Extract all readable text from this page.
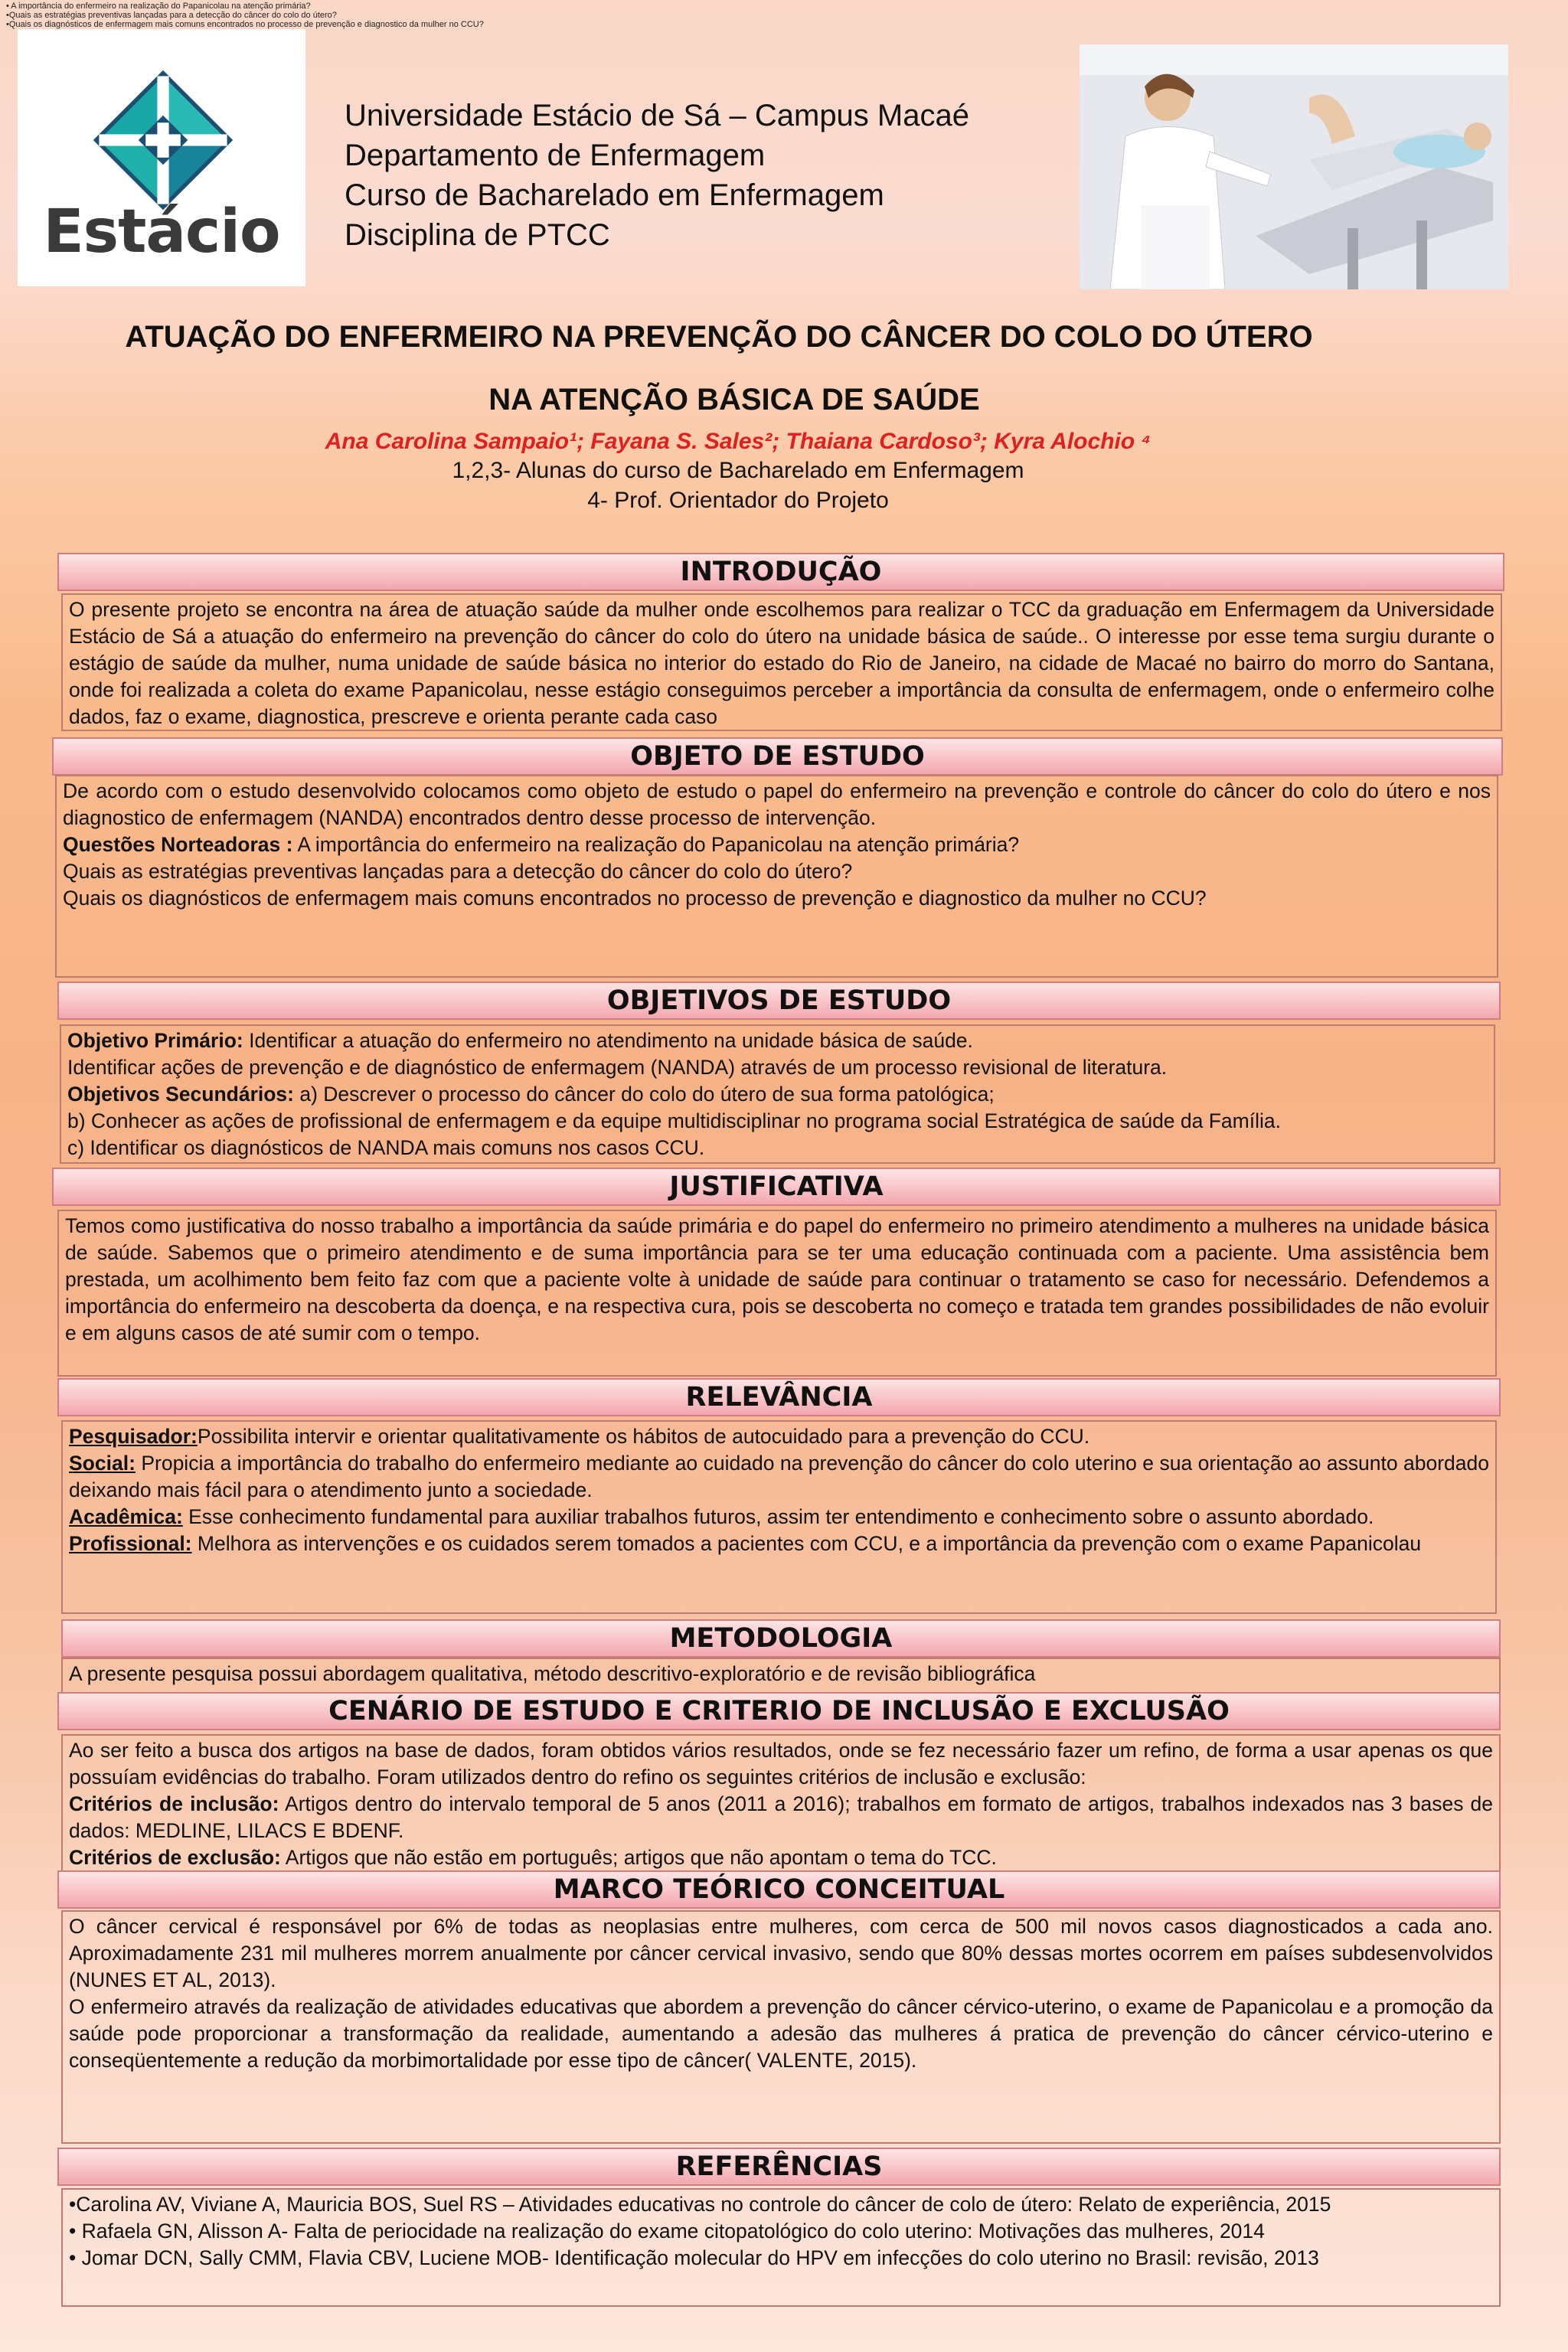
• A importância do enfermeiro na realização do Papanicolau na atenção primária?
•Quais as estratégias preventivas lançadas para a detecção do câncer do colo do útero?
•Quais os diagnósticos de enfermagem mais comuns encontrados no processo de prevenção e diagnostico da mulher no CCU?
Estácio
Universidade Estácio de Sá – Campus Macaé
Departamento de Enfermagem
Curso de Bacharelado em Enfermagem
Disciplina de PTCC
ATUAÇÃO DO ENFERMEIRO NA PREVENÇÃO DO CÂNCER DO COLO DO ÚTERO
NA ATENÇÃO BÁSICA DE SAÚDE
Ana Carolina Sampaio¹; Fayana S. Sales²; Thaiana Cardoso³; Kyra Alochio ⁴
1,2,3- Alunas do curso de Bacharelado em Enfermagem
4- Prof. Orientador do Projeto
INTRODUÇÃO
O presente projeto se encontra na área de atuação saúde da mulher onde escolhemos para realizar o TCC da graduação em Enfermagem da Universidade Estácio de Sá a atuação do enfermeiro na prevenção do câncer do colo do útero na unidade básica de saúde.. O interesse por esse tema surgiu durante o estágio de saúde da mulher, numa unidade de saúde básica no interior do estado do Rio de Janeiro, na cidade de Macaé no bairro do morro do Santana, onde foi realizada a coleta do exame Papanicolau, nesse estágio conseguimos perceber a importância da consulta de enfermagem, onde o enfermeiro colhe dados, faz o exame, diagnostica, prescreve e orienta perante cada caso
OBJETO DE ESTUDO
De acordo com o estudo desenvolvido colocamos como objeto de estudo o papel do enfermeiro na prevenção e controle do câncer do colo do útero e nos diagnostico de enfermagem (NANDA) encontrados dentro desse processo de intervenção.
Questões Norteadoras : A importância do enfermeiro na realização do Papanicolau na atenção primária?
Quais as estratégias preventivas lançadas para a detecção do câncer do colo do útero?
Quais os diagnósticos de enfermagem mais comuns encontrados no processo de prevenção e diagnostico da mulher no CCU?
OBJETIVOS DE ESTUDO
Objetivo Primário: Identificar a atuação do enfermeiro no atendimento na unidade básica de saúde.
Identificar ações de prevenção e de diagnóstico de enfermagem (NANDA) através de um processo revisional de literatura.
Objetivos Secundários: a) Descrever o processo do câncer do colo do útero de sua forma patológica;
b) Conhecer as ações de profissional de enfermagem e da equipe multidisciplinar no programa social Estratégica de saúde da Família.
c) Identificar os diagnósticos de NANDA mais comuns nos casos CCU.
JUSTIFICATIVA
Temos como justificativa do nosso trabalho a importância da saúde primária e do papel do enfermeiro no primeiro atendimento a mulheres na unidade básica de saúde. Sabemos que o primeiro atendimento e de suma importância para se ter uma educação continuada com a paciente. Uma assistência bem prestada, um acolhimento bem feito faz com que a paciente volte à unidade de saúde para continuar o tratamento se caso for necessário. Defendemos a importância do enfermeiro na descoberta da doença, e na respectiva cura, pois se descoberta no começo e tratada tem grandes possibilidades de não evoluir e em alguns casos de até sumir com o tempo.
RELEVÂNCIA
Pesquisador:Possibilita intervir e orientar qualitativamente os hábitos de autocuidado para a prevenção do CCU.
Social: Propicia a importância do trabalho do enfermeiro mediante ao cuidado na prevenção do câncer do colo uterino e sua orientação ao assunto abordado deixando mais fácil para o atendimento junto a sociedade.
Acadêmica: Esse conhecimento fundamental para auxiliar trabalhos futuros, assim ter entendimento e conhecimento sobre o assunto abordado.
Profissional: Melhora as intervenções e os cuidados serem tomados a pacientes com CCU, e a importância da prevenção com o exame Papanicolau
METODOLOGIA
A presente pesquisa possui abordagem qualitativa, método descritivo-exploratório e de revisão bibliográfica
CENÁRIO DE ESTUDO E CRITERIO DE INCLUSÃO E EXCLUSÃO
Ao ser feito a busca dos artigos na base de dados, foram obtidos vários resultados, onde se fez necessário fazer um refino, de forma a usar apenas os que possuíam evidências do trabalho. Foram utilizados dentro do refino os seguintes critérios de inclusão e exclusão:
Critérios de inclusão: Artigos dentro do intervalo temporal de 5 anos (2011 a 2016); trabalhos em formato de artigos, trabalhos indexados nas 3 bases de dados: MEDLINE, LILACS E BDENF.
Critérios de exclusão: Artigos que não estão em português; artigos que não apontam o tema do TCC.
MARCO TEÓRICO CONCEITUAL
O câncer cervical é responsável por 6% de todas as neoplasias entre mulheres, com cerca de 500 mil novos casos diagnosticados a cada ano. Aproximadamente 231 mil mulheres morrem anualmente por câncer cervical invasivo, sendo que 80% dessas mortes ocorrem em países subdesenvolvidos (NUNES ET AL, 2013).
O enfermeiro através da realização de atividades educativas que abordem a prevenção do câncer cérvico-uterino, o exame de Papanicolau e a promoção da saúde pode proporcionar a transformação da realidade, aumentando a adesão das mulheres á pratica de prevenção do câncer cérvico-uterino e conseqüentemente a redução da morbimortalidade por esse tipo de câncer( VALENTE, 2015).
REFERÊNCIAS
•Carolina AV, Viviane A, Mauricia BOS, Suel RS – Atividades educativas no controle do câncer de colo de útero: Relato de experiência, 2015
• Rafaela GN, Alisson A- Falta de periocidade na realização do exame citopatológico do colo uterino: Motivações das mulheres, 2014
• Jomar DCN, Sally CMM, Flavia CBV, Luciene MOB- Identificação molecular do HPV em infecções do colo uterino no Brasil: revisão, 2013
